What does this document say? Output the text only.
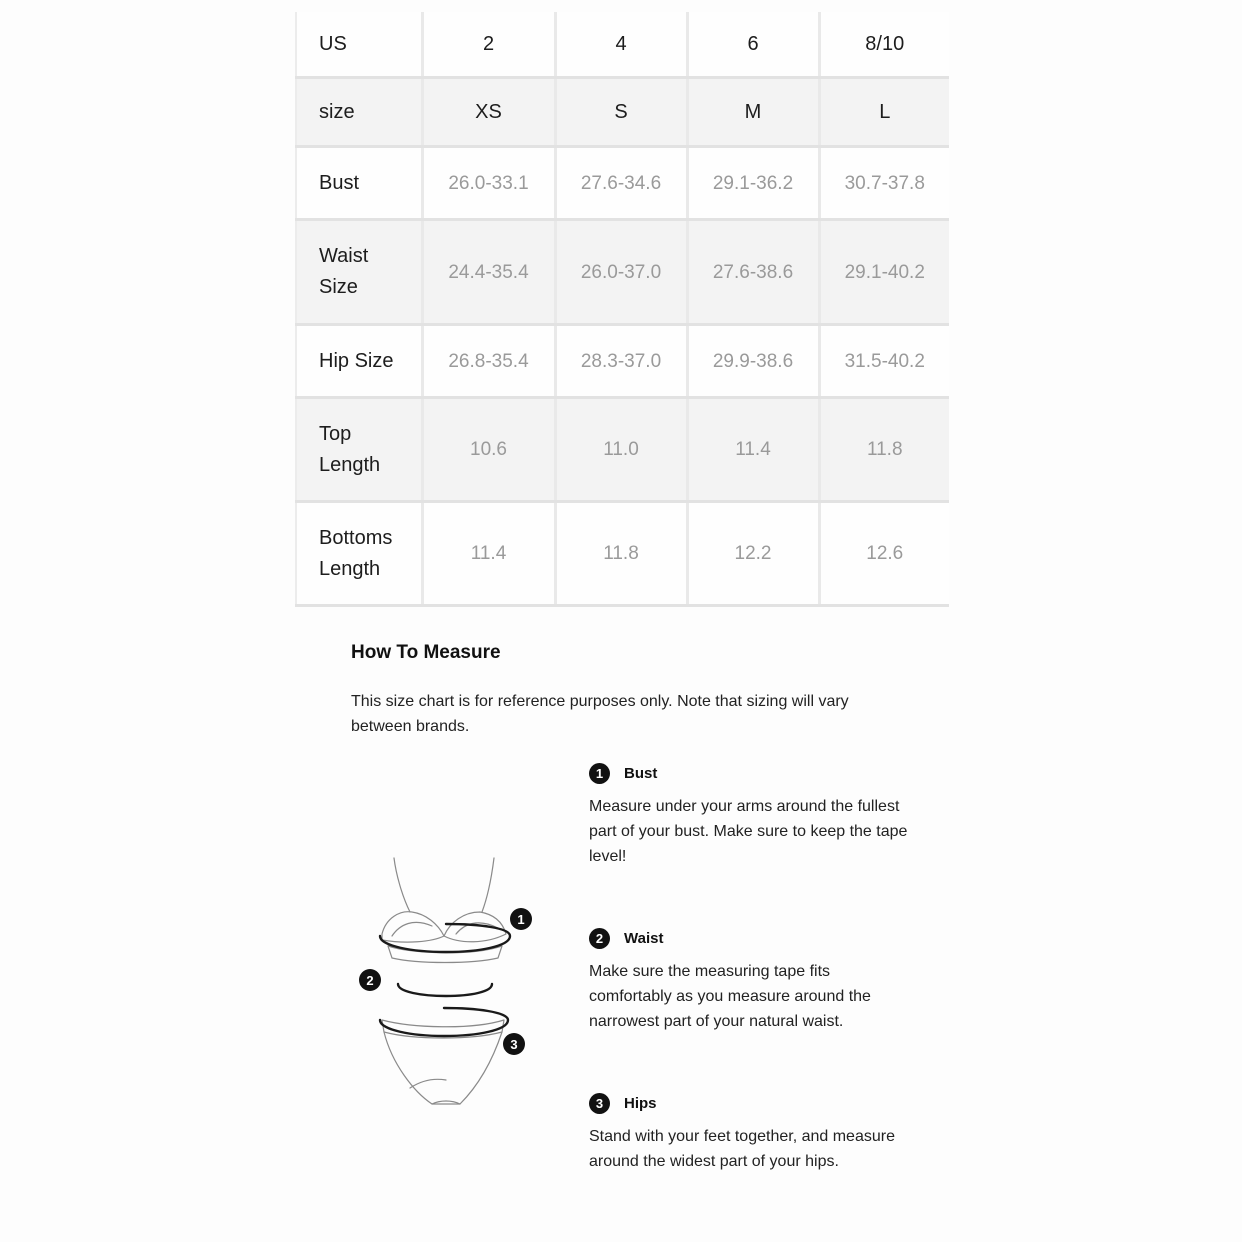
US	2	4	6	8/10
size	XS	S	M	L
Bust	26.0-33.1	27.6-34.6	29.1-36.2	30.7-37.8

Waist
Size	24.4-35.4	26.0-37.0	27.6-38.6	29.1-40.2
Hip Size	26.8-35.4	28.3-37.0	29.9-38.6	31.5-40.2

Top
Length	10.6	11.0	11.4	11.8

Bottoms
Length	11.4	11.8	12.2	12.6
How To Measure
This size chart is for reference purposes only. Note that sizing will vary between brands.
1
2
3
1	Bust
Measure under your arms around the fullest part of your bust. Make sure to keep the tape level!
2	Waist
Make sure the measuring tape fits comfortably as you measure around the narrowest part of your natural waist.
3	Hips
Stand with your feet together, and measure around the widest part of your hips.
